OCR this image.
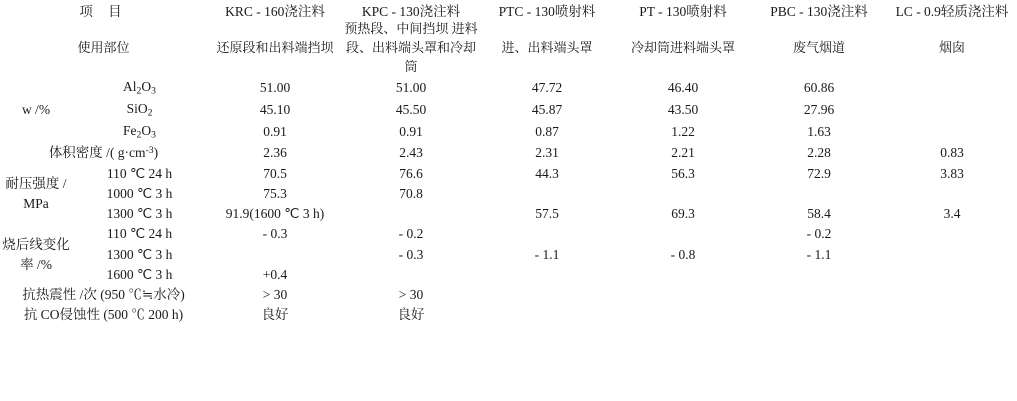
项 目		KRC - 160浇注料	KPC - 130浇注料	PTC - 130喷射料	PT - 130喷射料	PBC - 130浇注料	LC - 0.9轻质浇注料
使用部位		还原段和出料端挡坝	预热段、中间挡坝 进料段、出料端头罩和冷却筒	进、出料端头罩	冷却筒进料端头罩	废气烟道	烟囱
w /%	$Al_2O_3$	51.00	51.00	47.72	46.40	60.86	
	SiO$_2$	45.10	45.50	45.87	43.50	27.96	
	$Fe_2O_3$	0.91	0.91	0.87	1.22	1.63	
体积密度 /( $g\cdot cm^{-3}$)		2.36	2.43	2.31	2.21	2.28	0.83
耐压强度 /
MPa	110 ℃ 24 h	70.5	76.6	44.3	56.3	72.9	3.83
	1000 ℃ 3 h	75.3	70.8				
	1300 ℃ 3 h	91.9(1600 ℃ 3 h)		57.5	69.3	58.4	3.4
烧后线变化
率 /%	110 ℃ 24 h	- 0.3	- 0.2			- 0.2	
	1300 ℃ 3 h		- 0.3	- 1.1	- 0.8	- 1.1	
	1600 ℃ 3 h	+0.4					
抗热震性 /次 (950 ℃≒水冷)		> 30	> 30				
抗 CO侵蚀性 (500 ℃ 200 h)		良好	良好				
